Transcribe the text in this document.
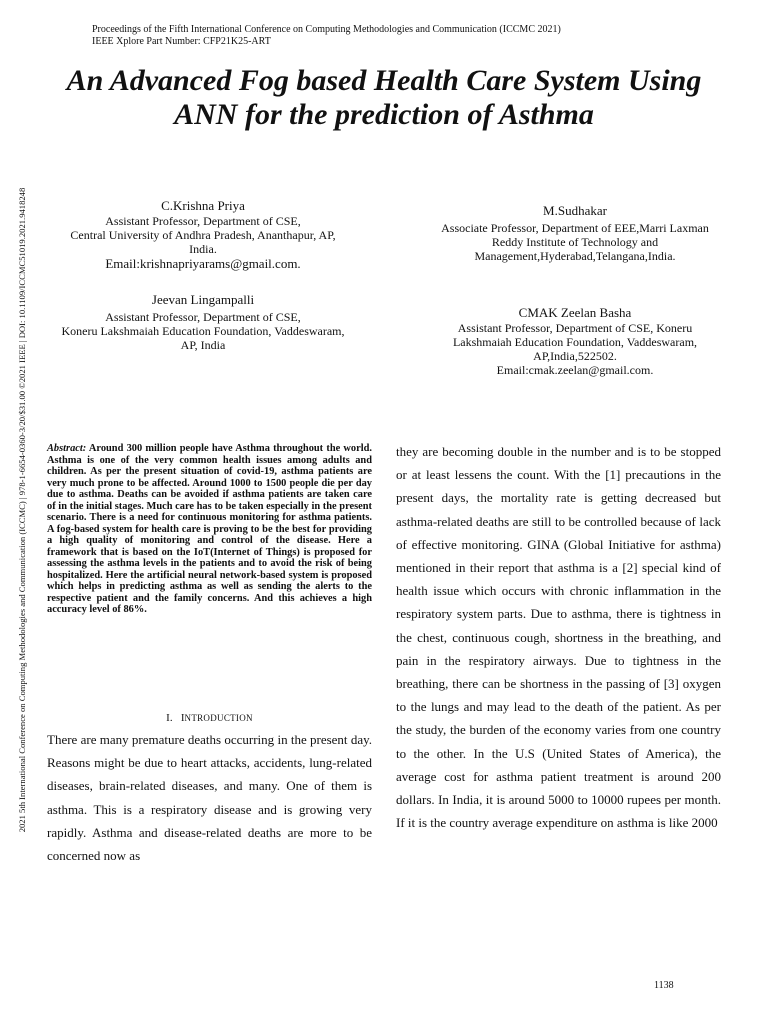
Proceedings of the Fifth International Conference on Computing Methodologies and Communication (ICCMC 2021)
IEEE Xplore Part Number: CFP21K25-ART
An Advanced Fog based Health Care System Using
ANN for the prediction of Asthma
2021 5th International Conference on Computing Methodologies and Communication (ICCMC) | 978-1-6654-0360-3/20/$31.00 ©2021 IEEE | DOI: 10.1109/ICCMC51019.2021.9418248	C.Krishna Priya
Assistant Professor, Department of CSE,
Central University of Andhra Pradesh, Ananthapur, AP,
India.
Email:krishnapriyarams@gmail.com.
M.Sudhakar
Associate Professor, Department of EEE,Marri Laxman
Reddy Institute of Technology and
Management,Hyderabad,Telangana,India.
Jeevan Lingampalli
Assistant Professor, Department of CSE,
Koneru Lakshmaiah Education Foundation, Vaddeswaram,
AP, India
CMAK Zeelan Basha
Assistant Professor, Department of CSE, Koneru
Lakshmaiah Education Foundation, Vaddeswaram,
AP,India,522502.
Email:cmak.zeelan@gmail.com.
Abstract: Around 300 million people have Asthma throughout the world. Asthma is one of the very common health issues among adults and children. As per the present situation of covid-19, asthma patients are very much prone to be affected. Around 1000 to 1500 people die per day due to asthma. Deaths can be avoided if asthma patients are taken care of in the initial stages. Much care has to be taken especially in the present scenario. There is a need for continuous monitoring for asthma patients. A fog-based system for health care is proving to be the best for providing a high quality of monitoring and control of the disease. Here a framework that is based on the IoT(Internet of Things) is proposed for assessing the asthma levels in the patients and to avoid the risk of being hospitalized. Here the artificial neural network-based system is proposed which helps in predicting asthma as well as sending the alerts to the respective patient and the family concerns. And this achieves a high accuracy level of 86%.
I. INTRODUCTION
There are many premature deaths occurring in the present day. Reasons might be due to heart attacks, accidents, lung-related diseases, brain-related diseases, and many. One of them is asthma. This is a respiratory disease and is growing very rapidly. Asthma and disease-related deaths are more to be concerned now as
they are becoming double in the number and is to be stopped or at least lessens the count. With the [1] precautions in the present days, the mortality rate is getting decreased but asthma-related deaths are still to be controlled because of lack of effective monitoring. GINA (Global Initiative for asthma) mentioned in their report that asthma is a [2] special kind of health issue which occurs with chronic inflammation in the respiratory system parts. Due to asthma, there is tightness in the chest, continuous cough, shortness in the breathing, and pain in the respiratory airways. Due to tightness in the breathing, there can be shortness in the passing of [3] oxygen to the lungs and may lead to the death of the patient. As per the study, the burden of the economy varies from one country to the other. In the U.S (United States of America), the average cost for asthma patient treatment is around 200 dollars. In India, it is around 5000 to 10000 rupees per month. If it is the country average expenditure on asthma is like 2000
1138
